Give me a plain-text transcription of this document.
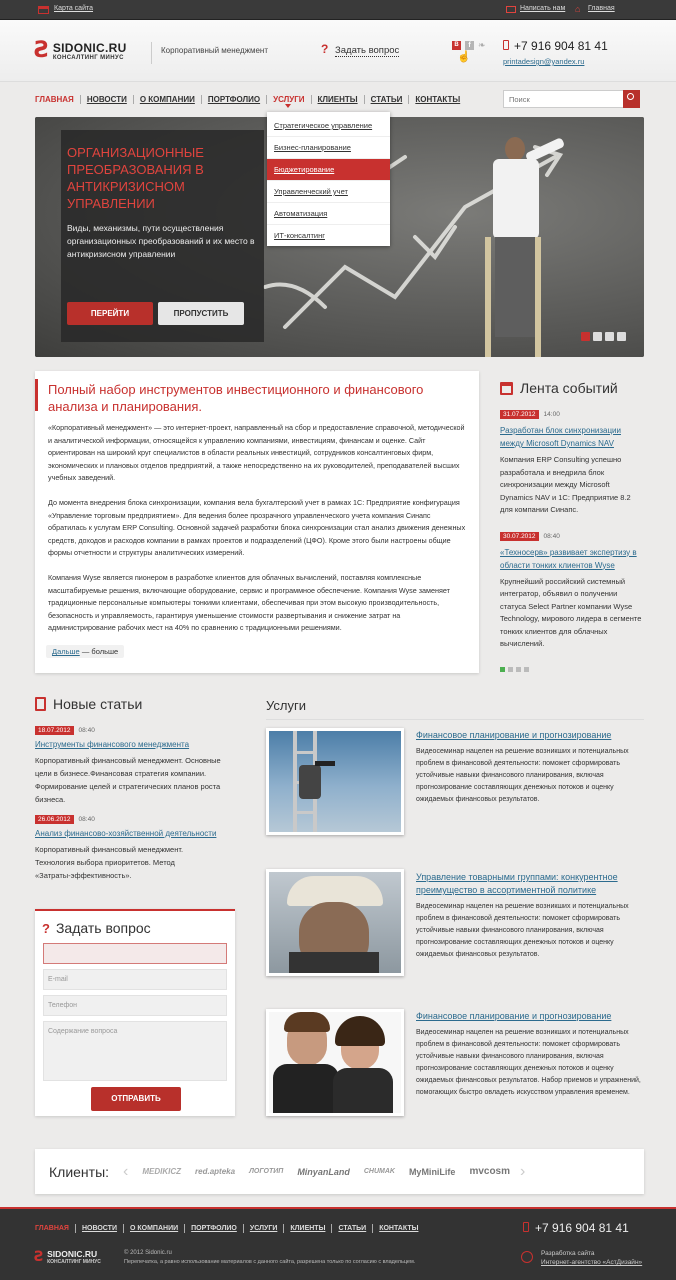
Карта сайта	Написать нам ⌂ Главная
Ƨ SIDONIC.RU
КОНСАЛТИНГ МИНУС
Корпоративный менеджмент	? Задать вопрос	B	f ❧
☝
+7 916 904 81 41
printadesign@yandex.ru
ГЛАВНАЯ	НОВОСТИ	О КОМПАНИИ	ПОРТФОЛИО	УСЛУГИ	КЛИЕНТЫ	СТАТЬИ	КОНТАКТЫ
Поиск
ОРГАНИЗАЦИОННЫЕ ПРЕОБРАЗОВАНИЯ В АНТИКРИЗИСНОМ УПРАВЛЕНИИ
Виды, механизмы, пути осуществления организационных преобразований и их место в антикризисном управлении
ПЕРЕЙТИ	ПРОПУСТИТЬ
Стратегическое управление
Бизнес-планирование
Бюджетирование
Управленческий учет
Автоматизация
ИТ-консалтинг
Полный набор инструментов инвестиционного и финансового анализа и планирования.
«Корпоративный менеджмент» — это интернет-проект, направленный на сбор и предоставление справочной, методической и аналитической информации, относящейся к управлению компаниями, инвестициям, финансам и оценке. Сайт ориентирован на широкий круг специалистов в области реальных инвестиций, сотрудников консалтинговых фирм, экономических и плановых отделов предприятий, а также непосредственно на их руководителей, преподавателей высших учебных заведений.
До момента внедрения блока синхронизации, компания вела бухгалтерский учет в рамках 1С: Предприятие конфигурация «Управление торговым предприятием». Для ведения более прозрачного управленческого учета компания Синапс обратилась к услугам ERP Consulting. Основной задачей разработки блока синхронизации стал анализ движения денежных средств, доходов и расходов компании в рамках проектов и подразделений (ЦФО). Кроме этого были настроены общие формы отчетности и структуры аналитических измерений.
Компания Wyse является пионером в разработке клиентов для облачных вычислений, поставляя комплексные масштабируемые решения, включающие оборудование, сервис и программное обеспечение. Компания Wyse заменяет традиционные персональные компьютеры тонкими клиентами, обеспечивая при этом высокую производительность, безопасность и управляемость, гарантируя уменьшение стоимости развертывания и снижение затрат на администрирование рабочих мест на 40% по сравнению с традиционными решениями.
Дальше — больше
Лента событий
31.07.2012 14:00
Разработан блок синхронизации между Microsoft Dynamics NAV
Компания ERP Consulting успешно разработала и внедрила блок синхронизации между Microsoft Dynamics NAV и 1С: Предприятие 8.2 для компании Синапс.
30.07.2012 08:40
«Техносерв» развивает экспертизу в области тонких клиентов Wyse
Крупнейший российский системный интегратор, объявил о получении статуса Select Partner компании Wyse Technology, мирового лидера в сегменте тонких клиентов для облачных вычислений.
Новые статьи
18.07.2012 08:40
Инструменты финансового менеджмента
Корпоративный финансовый менеджмент. Основные цели в бизнесе.Финансовая стратегия компании. Формирование целей и стратегических планов роста бизнеса.
26.06.2012 08:40
Анализ финансово-хозяйственной деятельности
Корпоративный финансовый менеджмент. Технология выбора приоритетов. Метод «Затраты-эффективность».
? Задать вопрос
E-mail
Телефон
Содержание вопроса
ОТПРАВИТЬ
Услуги
Финансовое планирование и прогнозирование
Видеосеминар нацелен на решение возникших и потенциальных проблем в финансовой деятельности: поможет сформировать устойчивые навыки финансового планирования, включая прогнозирование составляющих денежных потоков и оценку ожидаемых финансовых результатов.
Управление товарными группами: конкурентное преимущество в ассортиментной политике
Видеосеминар нацелен на решение возникших и потенциальных проблем в финансовой деятельности: поможет сформировать устойчивые навыки финансового планирования, включая прогнозирование составляющих денежных потоков и оценку ожидаемых финансовых результатов.
Финансовое планирование и прогнозирование
Видеосеминар нацелен на решение возникших и потенциальных проблем в финансовой деятельности: поможет сформировать устойчивые навыки финансового планирования, включая прогнозирование составляющих денежных потоков и оценку ожидаемых финансовых результатов. Набор приемов и упражнений, помогающих быстро овладеть искусством управления временем.
Клиенты: ‹ MEDIKICZ red.apteka ЛОГОТИП MinyanLand CHUMAK MyMiniLife mvcosm ›
ГЛАВНАЯ	НОВОСТИ	О КОМПАНИИ	ПОРТФОЛИО	УСЛУГИ	КЛИЕНТЫ	СТАТЬИ	КОНТАКТЫ	+7 916 904 81 41
Ƨ SIDONIC.RU
КОНСАЛТИНГ МИНУС
© 2012 Sidonic.ru
Перепечатка, а равно использование материалов с данного сайта, разрешена только по согласию с владельцем.
Разработка сайта
Интернет-агентство «АстДизайн»
